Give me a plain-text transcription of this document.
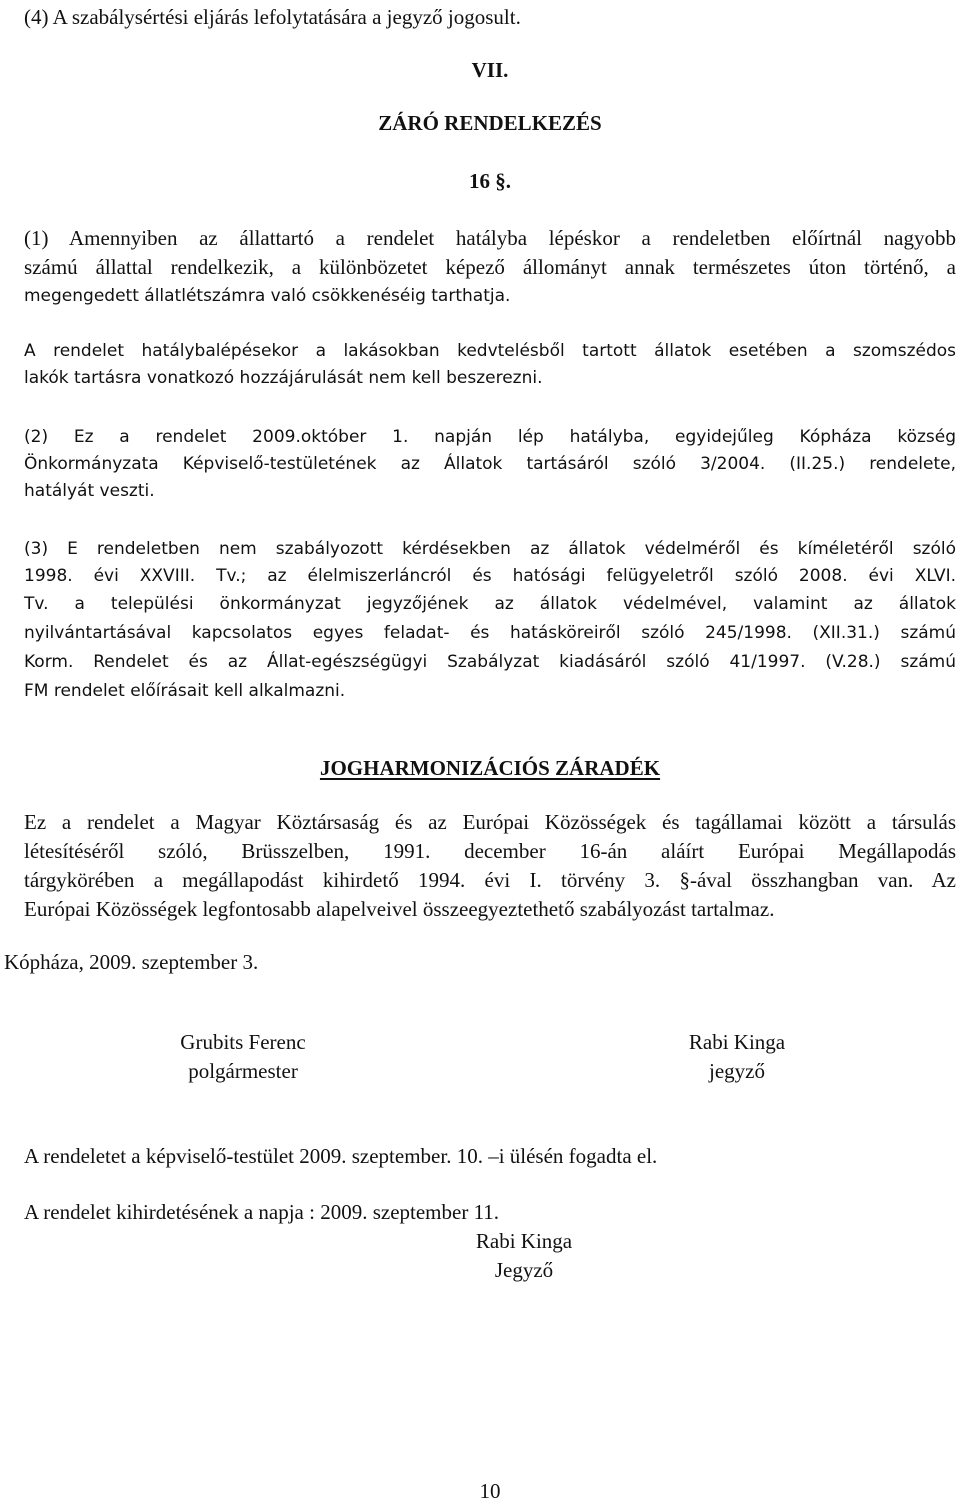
(4) A szabálysértési eljárás lefolytatására a jegyző jogosult.
VII.
ZÁRÓ RENDELKEZÉS
16 §.
(1) Amennyiben az állattartó a rendelet hatályba lépéskor a rendeletben előírtnál nagyobb
számú állattal rendelkezik, a különbözetet képező állományt annak természetes úton történő, a
megengedett állatlétszámra való csökkenéséig tarthatja.
A rendelet hatálybalépésekor a lakásokban kedvtelésből tartott állatok esetében a szomszédos
lakók tartásra vonatkozó hozzájárulását nem kell beszerezni.
(2) Ez a rendelet 2009.október 1. napján lép hatályba, egyidejűleg Kópháza község
Önkormányzata Képviselő-testületének az Állatok tartásáról szóló 3/2004. (II.25.) rendelete,
hatályát veszti.
(3) E rendeletben nem szabályozott kérdésekben az állatok védelméről és kíméletéről szóló
1998. évi XXVIII. Tv.; az élelmiszerláncról és hatósági felügyeletről szóló 2008. évi XLVI.
Tv. a települési önkormányzat jegyzőjének az állatok védelmével, valamint az állatok
nyilvántartásával kapcsolatos egyes feladat- és hatásköreiről szóló 245/1998. (XII.31.) számú
Korm. Rendelet és az Állat-egészségügyi Szabályzat kiadásáról szóló 41/1997. (V.28.) számú
FM rendelet előírásait kell alkalmazni.
JOGHARMONIZÁCIÓS ZÁRADÉK
Ez a rendelet a Magyar Köztársaság és az Európai Közösségek és tagállamai között a társulás
létesítéséről szóló, Brüsszelben, 1991. december 16-án aláírt Európai Megállapodás
tárgykörében a megállapodást kihirdető 1994. évi I. törvény 3. §-ával összhangban van. Az
Európai Közösségek legfontosabb alapelveivel összeegyeztethető szabályozást tartalmaz.
Kópháza, 2009. szeptember 3.
Grubits Ferenc
polgármester
Rabi Kinga
jegyző
A rendeletet a képviselő-testület 2009. szeptember. 10. –i ülésén fogadta el.
A rendelet kihirdetésének a napja : 2009. szeptember 11.
Rabi Kinga
Jegyző
10
